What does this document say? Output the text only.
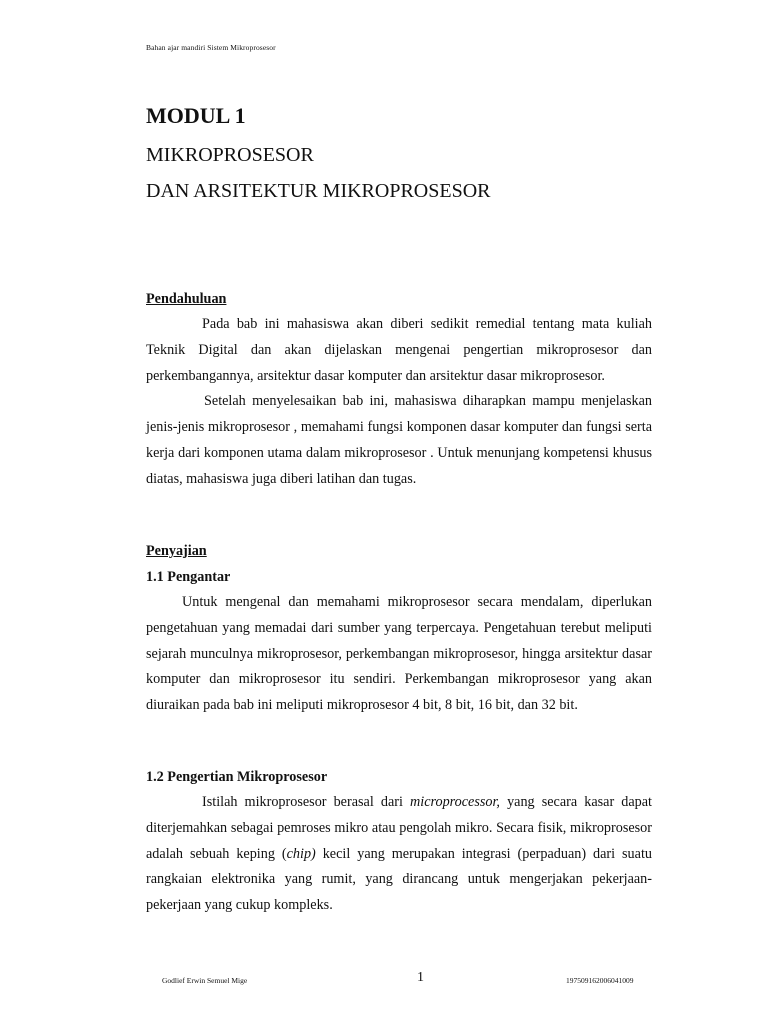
Bahan ajar mandiri Sistem Mikroprosesor
MODUL 1
MIKROPROSESOR
DAN ARSITEKTUR MIKROPROSESOR
Pendahuluan

Pada bab ini mahasiswa akan diberi sedikit remedial tentang mata kuliah Teknik Digital dan akan dijelaskan mengenai pengertian mikroprosesor dan perkembangannya, arsitektur dasar komputer dan arsitektur dasar mikroprosesor.

Setelah menyelesaikan bab ini, mahasiswa diharapkan mampu menjelaskan jenis-jenis mikroprosesor , memahami fungsi komponen dasar komputer dan fungsi serta kerja dari komponen utama dalam mikroprosesor . Untuk menunjang kompetensi khusus diatas, mahasiswa juga diberi latihan dan tugas.

Penyajian
1.1 Pengantar

Untuk mengenal dan memahami mikroprosesor secara mendalam, diperlukan pengetahuan yang memadai dari sumber yang terpercaya. Pengetahuan terebut meliputi sejarah munculnya mikroprosesor, perkembangan mikroprosesor, hingga arsitektur dasar komputer dan mikroprosesor itu sendiri. Perkembangan mikroprosesor yang akan diuraikan pada bab ini meliputi mikroprosesor 4 bit, 8 bit, 16 bit, dan 32 bit.

1.2 Pengertian Mikroprosesor

Istilah mikroprosesor berasal dari microprocessor, yang secara kasar dapat diterjemahkan sebagai pemroses mikro atau pengolah mikro. Secara fisik, mikroprosesor adalah sebuah keping (chip) kecil yang merupakan integrasi (perpaduan) dari suatu rangkaian elektronika yang rumit, yang dirancang untuk mengerjakan pekerjaan-pekerjaan yang cukup kompleks.

Godlief Erwin Semuel Mige	1	197509162006041009
